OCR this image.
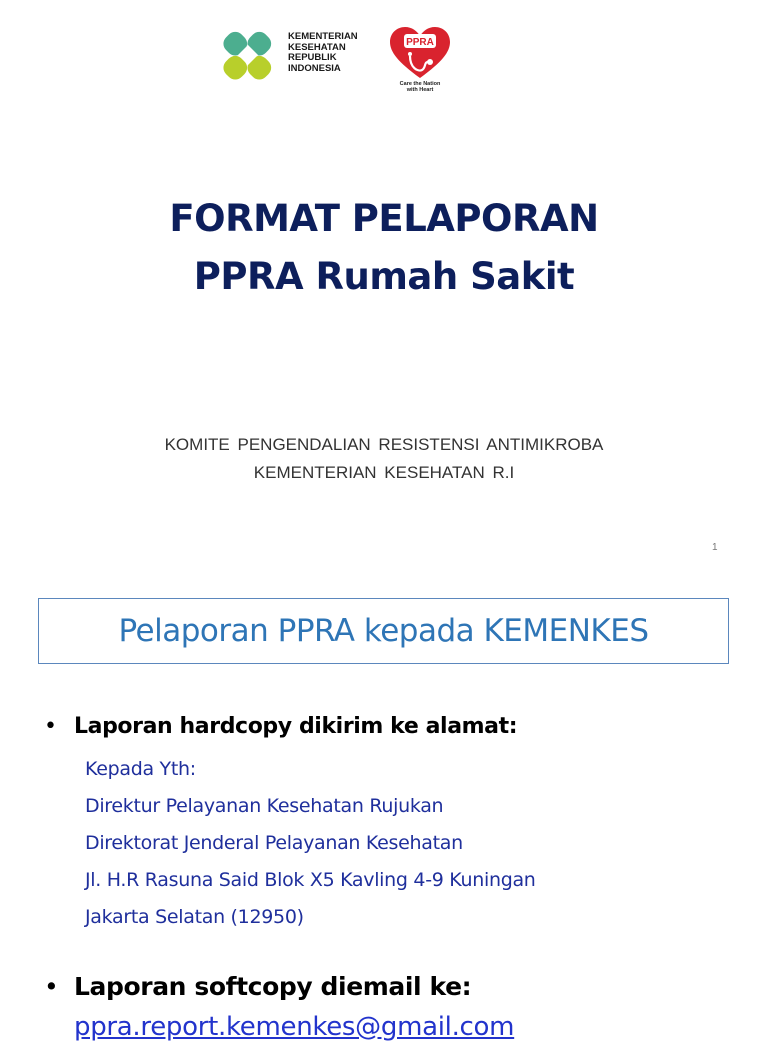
KEMENTERIAN
KESEHATAN
REPUBLIK
INDONESIA
PPRA
Care the Nation
with Heart
FORMAT PELAPORAN
PPRA Rumah Sakit
KOMITE PENGENDALIAN RESISTENSI ANTIMIKROBA
KEMENTERIAN KESEHATAN R.I
1
Pelaporan PPRA kepada KEMENKES
• Laporan hardcopy dikirim ke alamat:
Kepada Yth:
Direktur Pelayanan Kesehatan Rujukan
Direktorat Jenderal Pelayanan Kesehatan
Jl. H.R Rasuna Said Blok X5 Kavling 4-9 Kuningan
Jakarta Selatan (12950)
• Laporan softcopy diemail ke:
ppra.report.kemenkes@gmail.com
